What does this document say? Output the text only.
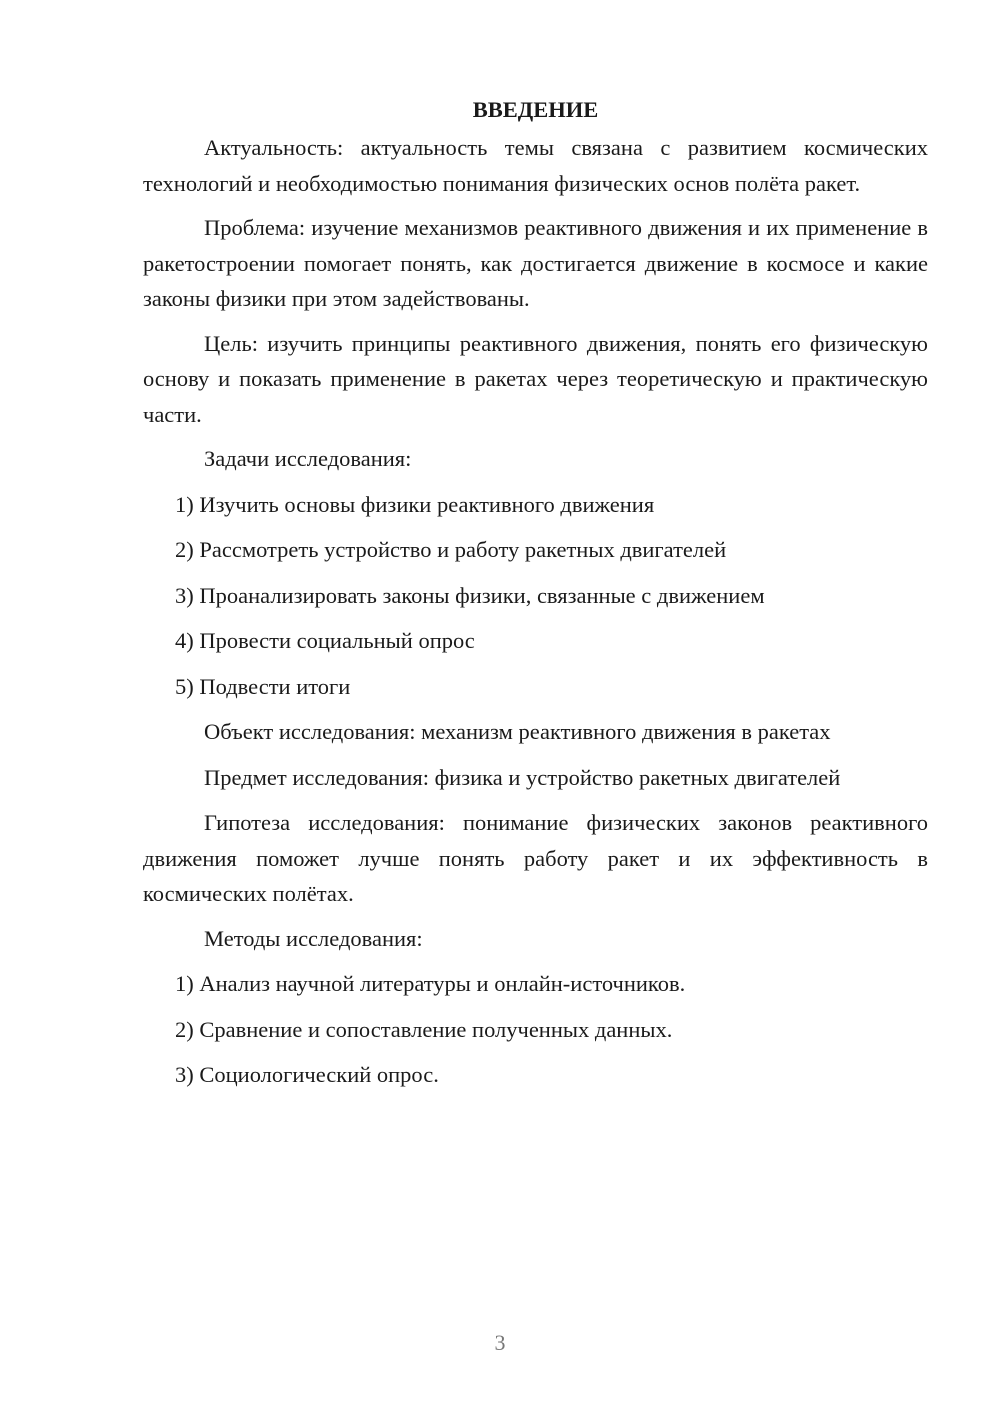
ВВЕДЕНИЕ

Актуальность: актуальность темы связана с развитием космических технологий и необходимостью понимания физических основ полёта ракет.

Проблема: изучение механизмов реактивного движения и их применение в ракетостроении помогает понять, как достигается движение в космосе и какие законы физики при этом задействованы.

Цель: изучить принципы реактивного движения, понять его физическую основу и показать применение в ракетах через теоретическую и практическую части.

Задачи исследования:

1) Изучить основы физики реактивного движения
2) Рассмотреть устройство и работу ракетных двигателей
3) Проанализировать законы физики, связанные с движением
4) Провести социальный опрос
5) Подвести итоги

Объект исследования: механизм реактивного движения в ракетах

Предмет исследования: физика и устройство ракетных двигателей

Гипотеза исследования: понимание физических законов реактивного движения поможет лучше понять работу ракет и их эффективность в космических полётах.

Методы исследования:

1) Анализ научной литературы и онлайн-источников.
2) Сравнение и сопоставление полученных данных.
3) Социологический опрос.
3
